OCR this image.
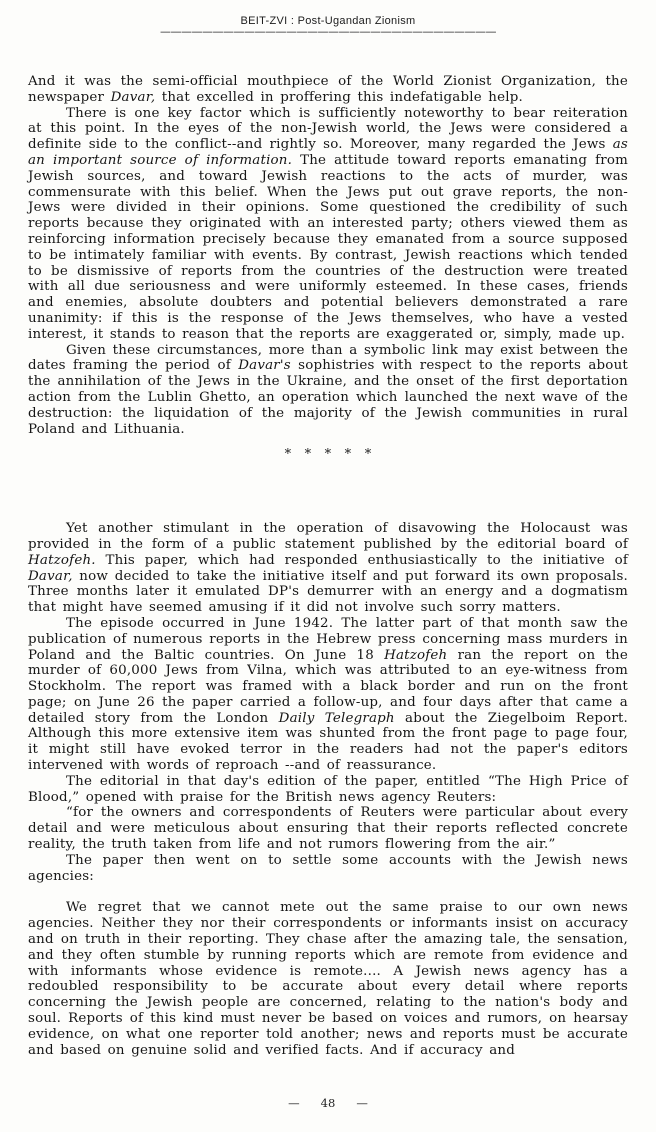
BEIT-ZVI : Post-Ugandan Zionism
————————————————————————————————

And it was the semi-official mouthpiece of the World Zionist Organization, the newspaper Davar, that excelled in proffering this indefatigable help.

There is one key factor which is sufficiently noteworthy to bear reiteration at this point. In the eyes of the non-Jewish world, the Jews were considered a definite side to the conflict--and rightly so. Moreover, many regarded the Jews as an important source of information. The attitude toward reports emanating from Jewish sources, and toward Jewish reactions to the acts of murder, was commensurate with this belief. When the Jews put out grave reports, the non-Jews were divided in their opinions. Some questioned the credibility of such reports because they originated with an interested party; others viewed them as reinforcing information precisely because they emanated from a source supposed to be intimately familiar with events. By contrast, Jewish reactions which tended to be dismissive of reports from the countries of the destruction were treated with all due seriousness and were uniformly esteemed. In these cases, friends and enemies, absolute doubters and potential believers demonstrated a rare unanimity: if this is the response of the Jews themselves, who have a vested interest, it stands to reason that the reports are exaggerated or, simply, made up.

Given these circumstances, more than a symbolic link may exist between the dates framing the period of Davar's sophistries with respect to the reports about the annihilation of the Jews in the Ukraine, and the onset of the first deportation action from the Lublin Ghetto, an operation which launched the next wave of the destruction: the liquidation of the majority of the Jewish communities in rural Poland and Lithuania.

* * * * *

Yet another stimulant in the operation of disavowing the Holocaust was provided in the form of a public statement published by the editorial board of Hatzofeh. This paper, which had responded enthusiastically to the initiative of Davar, now decided to take the initiative itself and put forward its own proposals. Three months later it emulated DP's demurrer with an energy and a dogmatism that might have seemed amusing if it did not involve such sorry matters.

The episode occurred in June 1942. The latter part of that month saw the publication of numerous reports in the Hebrew press concerning mass murders in Poland and the Baltic countries. On June 18 Hatzofeh ran the report on the murder of 60,000 Jews from Vilna, which was attributed to an eye-witness from Stockholm. The report was framed with a black border and run on the front page; on June 26 the paper carried a follow-up, and four days after that came a detailed story from the London Daily Telegraph about the Ziegelboim Report. Although this more extensive item was shunted from the front page to page four, it might still have evoked terror in the readers had not the paper's editors intervened with words of reproach --and of reassurance.

The editorial in that day's edition of the paper, entitled “The High Price of Blood,” opened with praise for the British news agency Reuters:

“for the owners and correspondents of Reuters were particular about every detail and were meticulous about ensuring that their reports reflected concrete reality, the truth taken from life and not rumors flowering from the air.”

The paper then went on to settle some accounts with the Jewish news agencies:

We regret that we cannot mete out the same praise to our own news agencies. Neither they nor their correspondents or informants insist on accuracy and on truth in their reporting. They chase after the amazing tale, the sensation, and they often stumble by running reports which are remote from evidence and with informants whose evidence is remote.... A Jewish news agency has a redoubled responsibility to be accurate about every detail where reports concerning the Jewish people are concerned, relating to the nation's body and soul. Reports of this kind must never be based on voices and rumors, on hearsay evidence, on what one reporter told another; news and reports must be accurate and based on genuine solid and verified facts. And if accuracy and

— 48 —
